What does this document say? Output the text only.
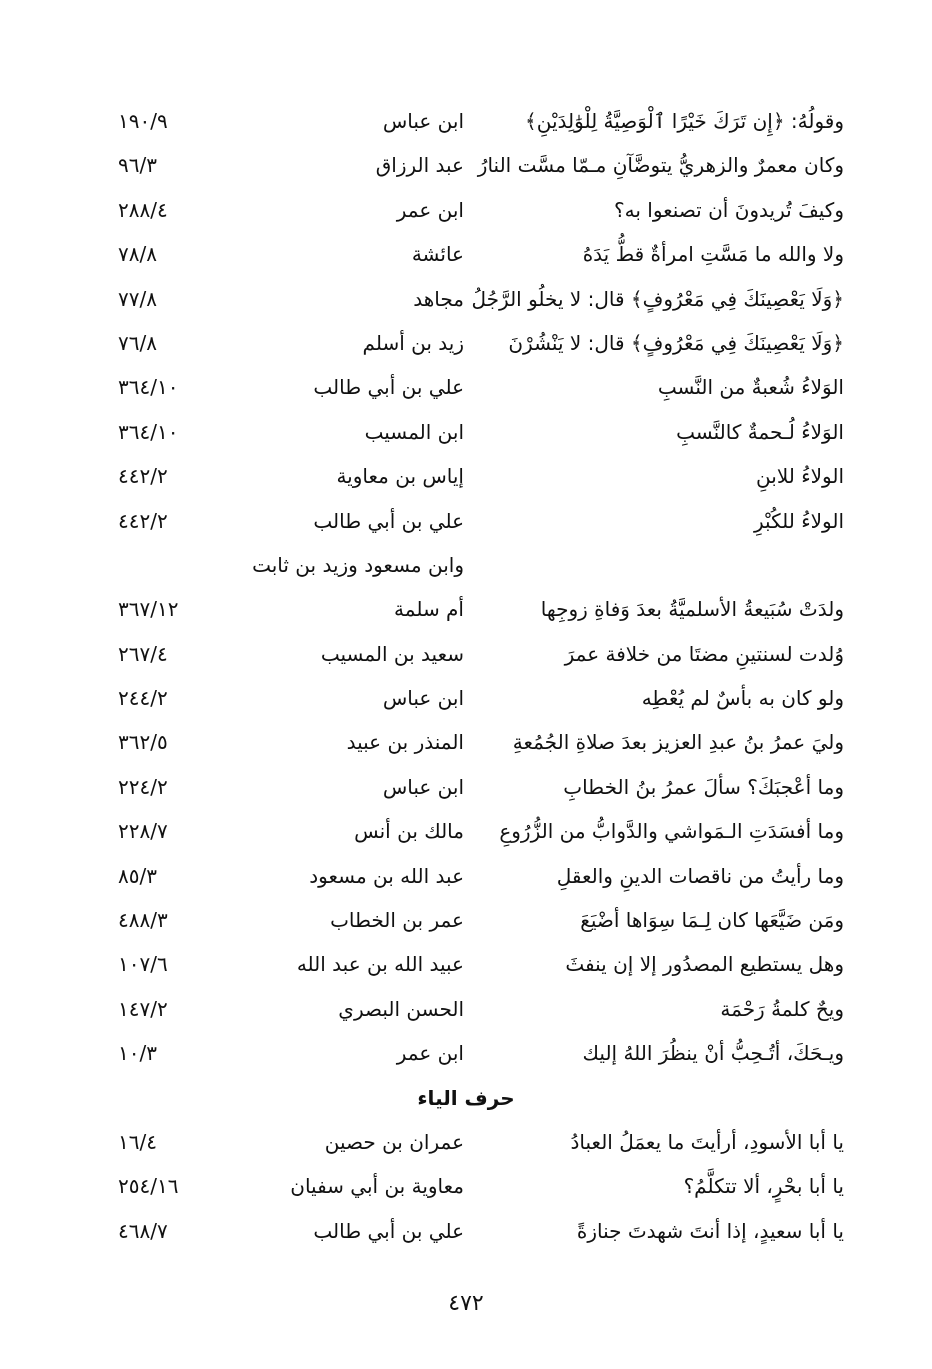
وقولُهُ: ﴿إِن تَرَكَ خَيْرًا ٱلْوَصِيَّةُ لِلْوَٰلِدَيْنِ﴾
ابن عباس
١٩٠/٩
وكان معمرٌ والزهريُّ يتوضَّآنِ مـمّا مسَّت النارُ
عبد الرزاق
٩٦/٣
وكيفَ تُريدونَ أن تصنعوا به؟
ابن عمر
٢٨٨/٤
ولا والله ما مَسَّتِ امرأةٌ قطُّ يَدَهُ
عائشة
٧٨/٨
﴿وَلَا يَعْصِينَكَ فِي مَعْرُوفٍ﴾ قال: لا يخلُو الرَّجُلُ
مجاهد
٧٧/٨
﴿وَلَا يَعْصِينَكَ فِي مَعْرُوفٍ﴾ قال: لا يَنْشُرْنَ
زيد بن أسلم
٧٦/٨
الوَلاءُ شُعبةٌ من النَّسبِ
علي بن أبي طالب
٣٦٤/١٠
الوَلاءُ لُـحمةٌ كالنَّسبِ
ابن المسيب
٣٦٤/١٠
الولاءُ للابنِ
إياس بن معاوية
٤٤٢/٢
الولاءُ للكُبْرِ
علي بن أبي طالب
٤٤٢/٢
وابن مسعود وزيد بن ثابت
ولدَتْ سُبَيعةُ الأسلميَّةُ بعدَ وَفاةِ زوجِها
أم سلمة
٣٦٧/١٢
وُلدت لسنتينِ مضتَا من خلافة عمرَ
سعيد بن المسيب
٢٦٧/٤
ولو كان به بأسٌ لم يُعْطِه
ابن عباس
٢٤٤/٢
وليَ عمرُ بنُ عبدِ العزيز بعدَ صلاةِ الجُمُعةِ
المنذر بن عبيد
٣٦٢/٥
وما أعْجبَكَ؟ سألَ عمرُ بنُ الخطابِ
ابن عباس
٢٢٤/٢
وما أفسَدَتِ الـمَواشي والدَّوابُّ من الزُّرُوعِ
مالك بن أنس
٢٢٨/٧
وما رأيتُ من ناقصات الدينِ والعقلِ
عبد الله بن مسعود
٨٥/٣
ومَن ضَيَّعَها كان لِـمَا سِوَاها أضْيَعَ
عمر بن الخطاب
٤٨٨/٣
وهل يستطيع المصدُور إلا إن ينفثَ
عبيد الله بن عبد الله
١٠٧/٦
ويحٌ كلمةُ رَحْمَة
الحسن البصري
١٤٧/٢
ويـحَكَ، أتُـحِبُّ أنْ ينظُرَ اللهُ إليك
ابن عمر
١٠/٣
حرف الياء
يا أبا الأسودِ، أرأيتَ ما يعمَلُ العبادُ
عمران بن حصين
١٦/٤
يا أبا بحْرٍ، ألا تتكلَّمُ؟
معاوية بن أبي سفيان
٢٥٤/١٦
يا أبا سعيدٍ، إذا أنتَ شهدتَ جنازةً
علي بن أبي طالب
٤٦٨/٧
٤٧٢
